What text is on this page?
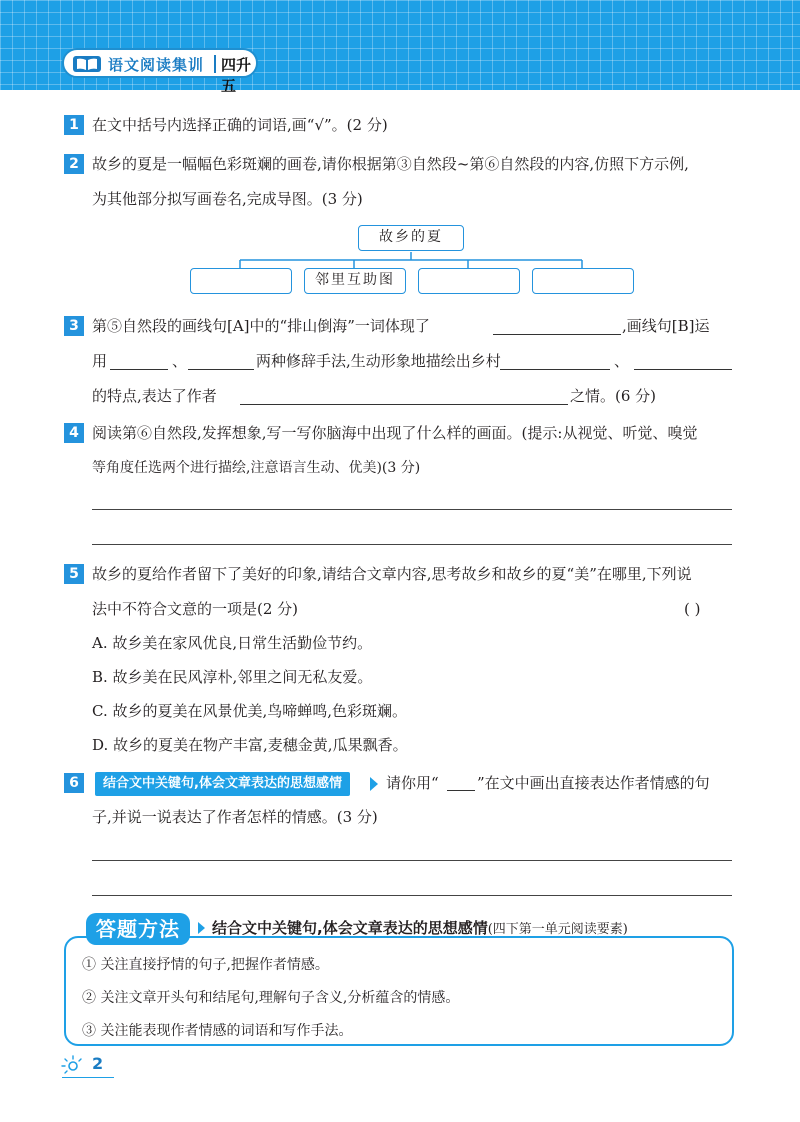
语文阅读集训 四升五
1 在文中括号内选择正确的词语,画“√”。(2 分)
2 故乡的夏是一幅幅色彩斑斓的画卷,请你根据第③自然段~第⑥自然段的内容,仿照下方示例,
为其他部分拟写画卷名,完成导图。(3 分)
故乡的夏
邻里互助图
3 第⑤自然段的画线句[A]中的“排山倒海”一词体现了	,画线句[B]运
用	、	两种修辞手法,生动形象地描绘出乡村	、
的特点,表达了作者	之情。(6 分)
4 阅读第⑥自然段,发挥想象,写一写你脑海中出现了什么样的画面。(提示:从视觉、听觉、嗅觉
等角度任选两个进行描绘,注意语言生动、优美)(3 分)
5 故乡的夏给作者留下了美好的印象,请结合文章内容,思考故乡和故乡的夏“美”在哪里,下列说
法中不符合文意的一项是(2 分)	( )
A. 故乡美在家风优良,日常生活勤俭节约。
B. 故乡美在民风淳朴,邻里之间无私友爱。
C. 故乡的夏美在风景优美,鸟啼蝉鸣,色彩斑斓。
D. 故乡的夏美在物产丰富,麦穗金黄,瓜果飘香。
6	结合文中关键句,体会文章表达的思想感情	请你用“	”在文中画出直接表达作者情感的句
子,并说一说表达了作者怎样的情感。(3 分)
答题方法	结合文中关键句,体会文章表达的思想感情(四下第一单元阅读要素)
① 关注直接抒情的句子,把握作者情感。
② 关注文章开头句和结尾句,理解句子含义,分析蕴含的情感。
③ 关注能表现作者情感的词语和写作手法。
2
